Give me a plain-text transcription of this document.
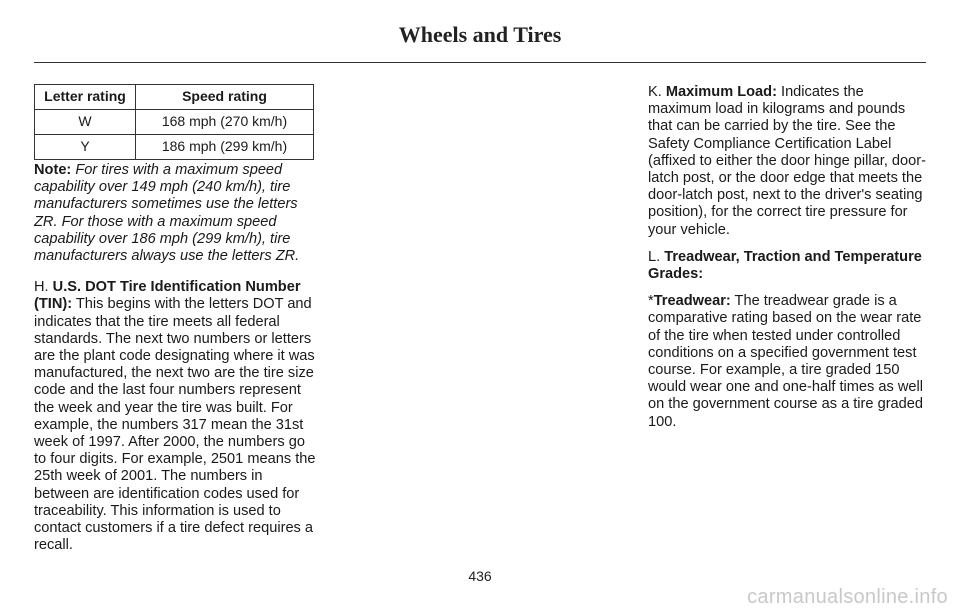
Wheels and Tires
Letter rating	Speed rating
W	168 mph (270 km/h)
Y	186 mph (299 km/h)

Note: For tires with a maximum speed capability over 149 mph (240 km/h), tire manufacturers sometimes use the letters ZR. For those with a maximum speed capability over 186 mph (299 km/h), tire manufacturers always use the letters ZR.

H. U.S. DOT Tire Identification Number (TIN): This begins with the letters DOT and indicates that the tire meets all federal standards. The next two numbers or letters are the plant code designating where it was manufactured, the next two are the tire size code and the last four numbers represent the week and year the tire was built. For example, the numbers 317 mean the 31st week of 1997. After 2000, the numbers go to four digits. For example, 2501 means the 25th week of 2001. The numbers in between are identification codes used for traceability. This information is used to contact customers if a tire defect requires a recall.

K. Maximum Load: Indicates the maximum load in kilograms and pounds that can be carried by the tire. See the Safety Compliance Certification Label (affixed to either the door hinge pillar, door-latch post, or the door edge that meets the door-latch post, next to the driver's seating position), for the correct tire pressure for your vehicle.

L. Treadwear, Traction and Temperature Grades:

*Treadwear: The treadwear grade is a comparative rating based on the wear rate of the tire when tested under controlled conditions on a specified government test course. For example, a tire graded 150 would wear one and one-half times as well on the government course as a tire graded 100.

436
carmanualsonline.info
